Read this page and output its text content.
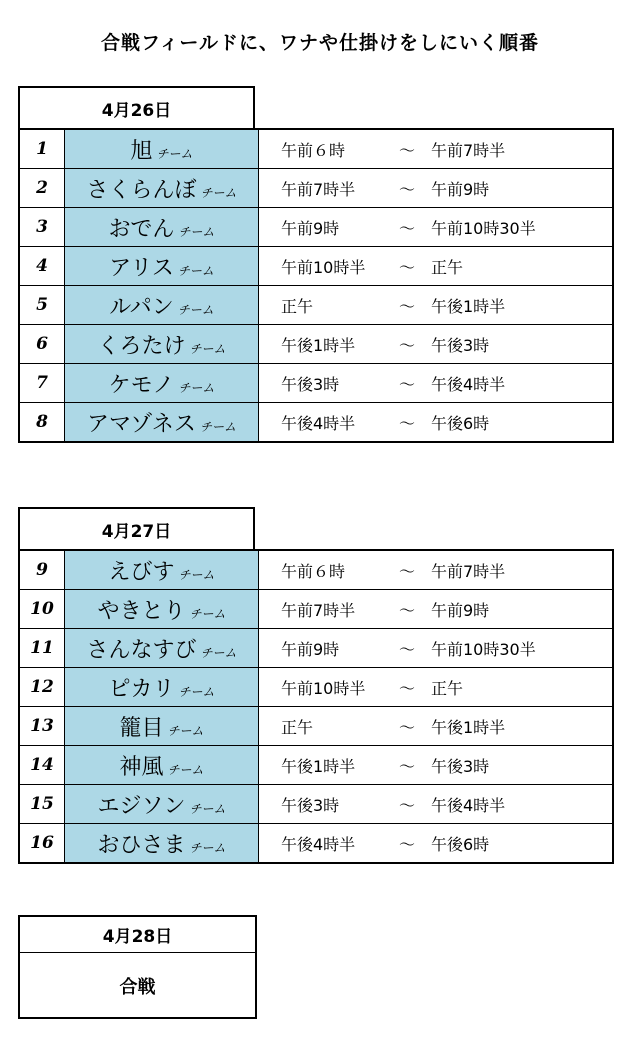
合戦フィールドに、ワナや仕掛けをしにいく順番
4月26日
1	旭 チーム	午前６時 ～ 午前7時半

2	さくらんぼ チーム	午前7時半 ～ 午前9時

3	おでん チーム	午前9時 ～ 午前10時30半

4	アリス チーム	午前10時半 ～ 正午

5	ルパン チーム	正午 ～ 午後1時半

6	くろたけ チーム	午後1時半 ～ 午後3時

7	ケモノ チーム	午後3時 ～ 午後4時半

8	アマゾネス チーム	午後4時半 ～ 午後6時
4月27日
9	えびす チーム	午前６時 ～ 午前7時半

10	やきとり チーム	午前7時半 ～ 午前9時

11	さんなすび チーム	午前9時 ～ 午前10時30半

12	ピカリ チーム	午前10時半 ～ 正午

13	籠目 チーム	正午 ～ 午後1時半

14	神風 チーム	午後1時半 ～ 午後3時

15	エジソン チーム	午後3時 ～ 午後4時半

16	おひさま チーム	午後4時半 ～ 午後6時
4月28日
合戦
